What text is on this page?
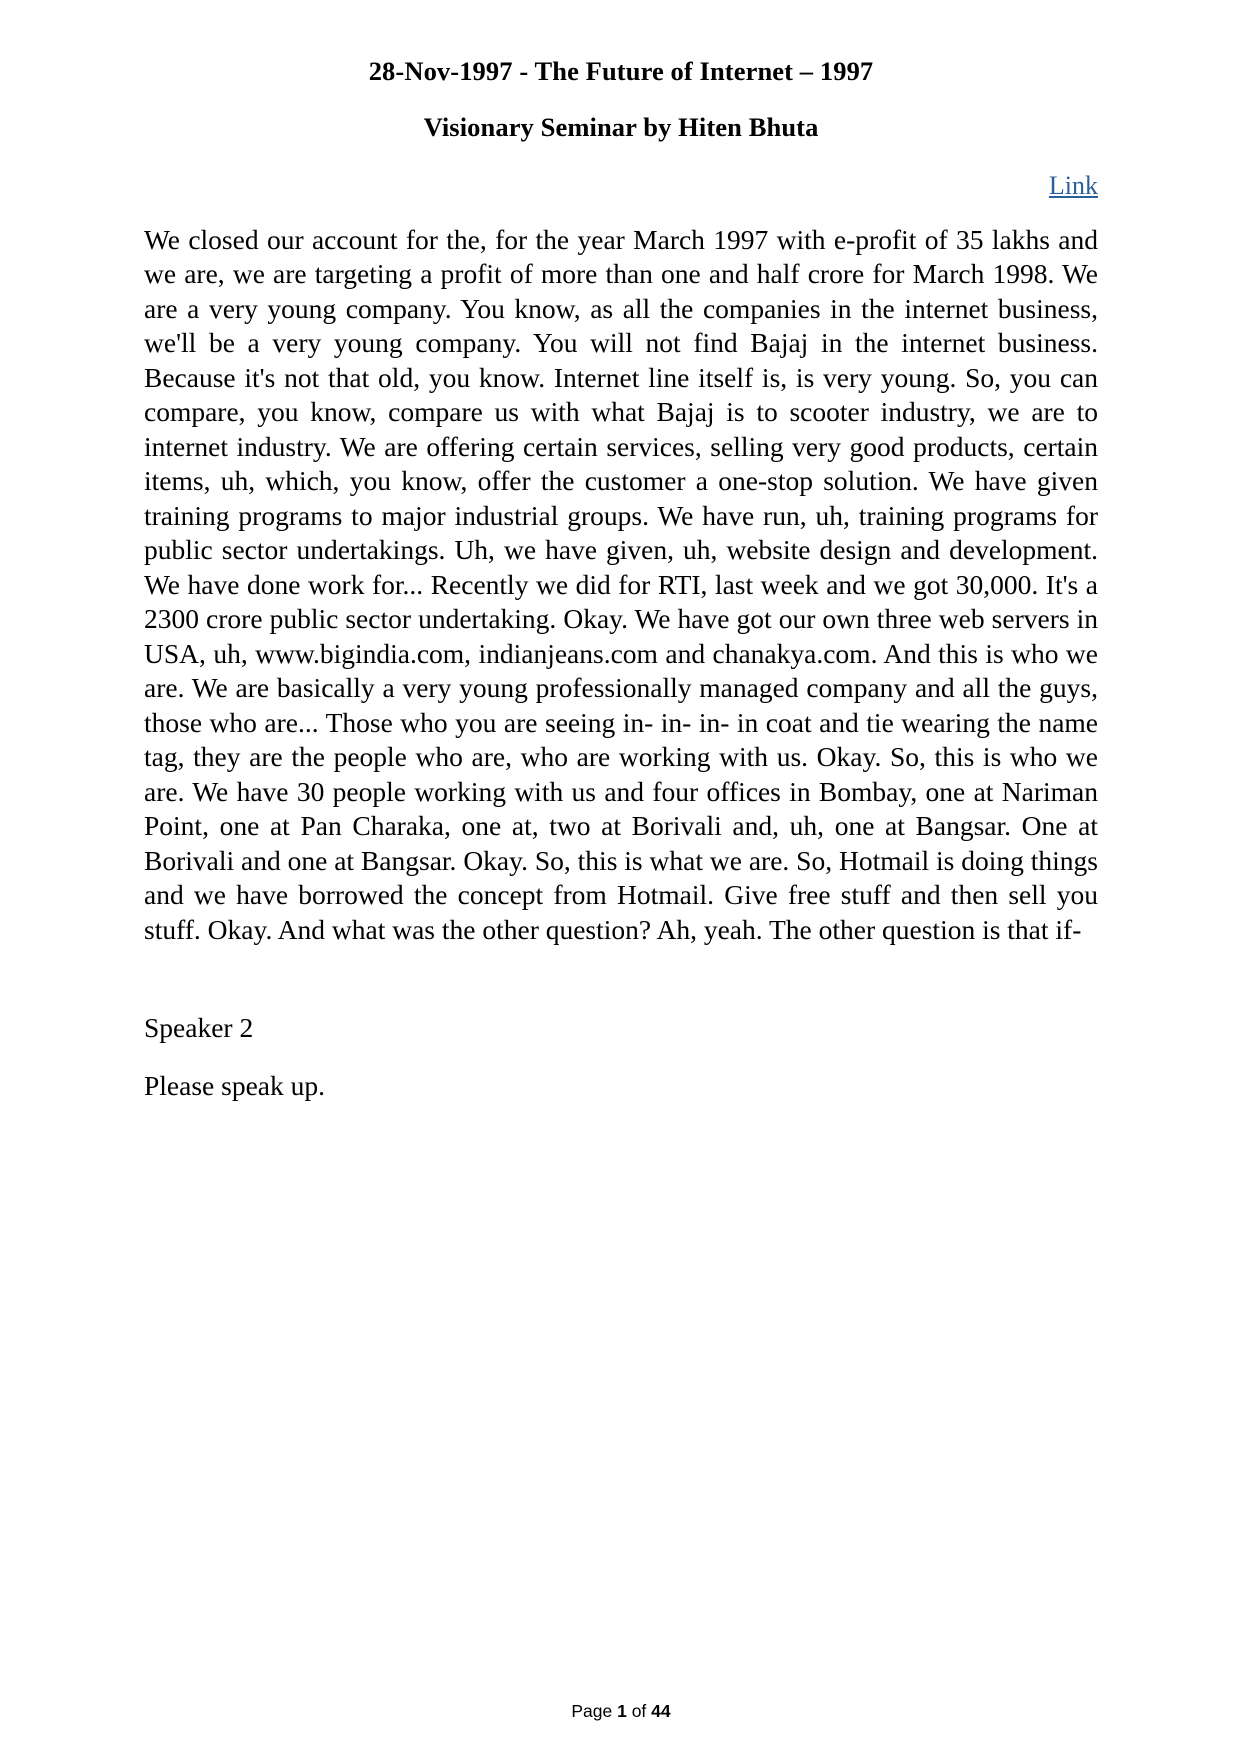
28-Nov-1997 - The Future of Internet – 1997
Visionary Seminar by Hiten Bhuta
Link
We closed our account for the, for the year March 1997 with e-profit of 35 lakhs and we are, we are targeting a profit of more than one and half crore for March 1998. We are a very young company. You know, as all the companies in the internet business, we'll be a very young company. You will not find Bajaj in the internet business. Because it's not that old, you know. Internet line itself is, is very young. So, you can compare, you know, compare us with what Bajaj is to scooter industry, we are to internet industry. We are offering certain services, selling very good products, certain items, uh, which, you know, offer the customer a one-stop solution. We have given training programs to major industrial groups. We have run, uh, training programs for public sector undertakings. Uh, we have given, uh, website design and development. We have done work for... Recently we did for RTI, last week and we got 30,000. It's a 2300 crore public sector undertaking. Okay. We have got our own three web servers in USA, uh, www.bigindia.com, indianjeans.com and chanakya.com. And this is who we are. We are basically a very young professionally managed company and all the guys, those who are... Those who you are seeing in- in- in- in coat and tie wearing the name tag, they are the people who are, who are working with us. Okay. So, this is who we are. We have 30 people working with us and four offices in Bombay, one at Nariman Point, one at Pan Charaka, one at, two at Borivali and, uh, one at Bangsar. One at Borivali and one at Bangsar. Okay. So, this is what we are. So, Hotmail is doing things and we have borrowed the concept from Hotmail. Give free stuff and then sell you stuff. Okay. And what was the other question? Ah, yeah. The other question is that if-
Speaker 2
Please speak up.
Page 1 of 44
